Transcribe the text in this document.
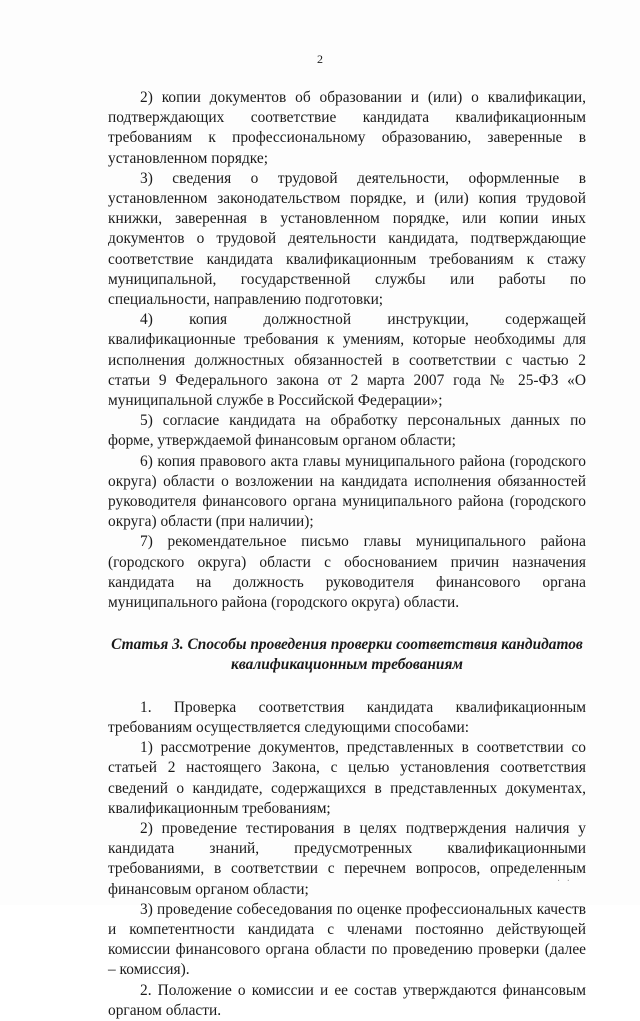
2

2) копии документов об образовании и (или) о квалификации, подтверждающих соответствие кандидата квалификационным требованиям к профессиональному образованию, заверенные в установленном порядке;

3) сведения о трудовой деятельности, оформленные в установленном законодательством порядке, и (или) копия трудовой книжки, заверенная в установленном порядке, или копии иных документов о трудовой деятельности кандидата, подтверждающие соответствие кандидата квалификационным требованиям к стажу муниципальной, государственной службы или работы по специальности, направлению подготовки;

4) копия должностной инструкции, содержащей квалификационные требования к умениям, которые необходимы для исполнения должностных обязанностей в соответствии с частью 2 статьи 9 Федерального закона от 2 марта 2007 года № 25-ФЗ «О муниципальной службе в Российской Федерации»;

5) согласие кандидата на обработку персональных данных по форме, утверждаемой финансовым органом области;

6) копия правового акта главы муниципального района (городского округа) области о возложении на кандидата исполнения обязанностей руководителя финансового органа муниципального района (городского округа) области (при наличии);

7) рекомендательное письмо главы муниципального района (городского округа) области с обоснованием причин назначения кандидата на должность руководителя финансового органа муниципального района (городского округа) области.

Статья 3. Способы проведения проверки соответствия кандидатов
квалификационным требованиям

1. Проверка соответствия кандидата квалификационным требованиям осуществляется следующими способами:

1) рассмотрение документов, представленных в соответствии со статьей 2 настоящего Закона, с целью установления соответствия сведений о кандидате, содержащихся в представленных документах, квалификационным требованиям;

2) проведение тестирования в целях подтверждения наличия у кандидата знаний, предусмотренных квалификационными требованиями, в соответствии с перечнем вопросов, определенным финансовым органом области;

3) проведение собеседования по оценке профессиональных качеств и компетентности кандидата с членами постоянно действующей комиссии финансового органа области по проведению проверки (далее – комиссия).

2. Положение о комиссии и ее состав утверждаются финансовым органом области.

· ·
